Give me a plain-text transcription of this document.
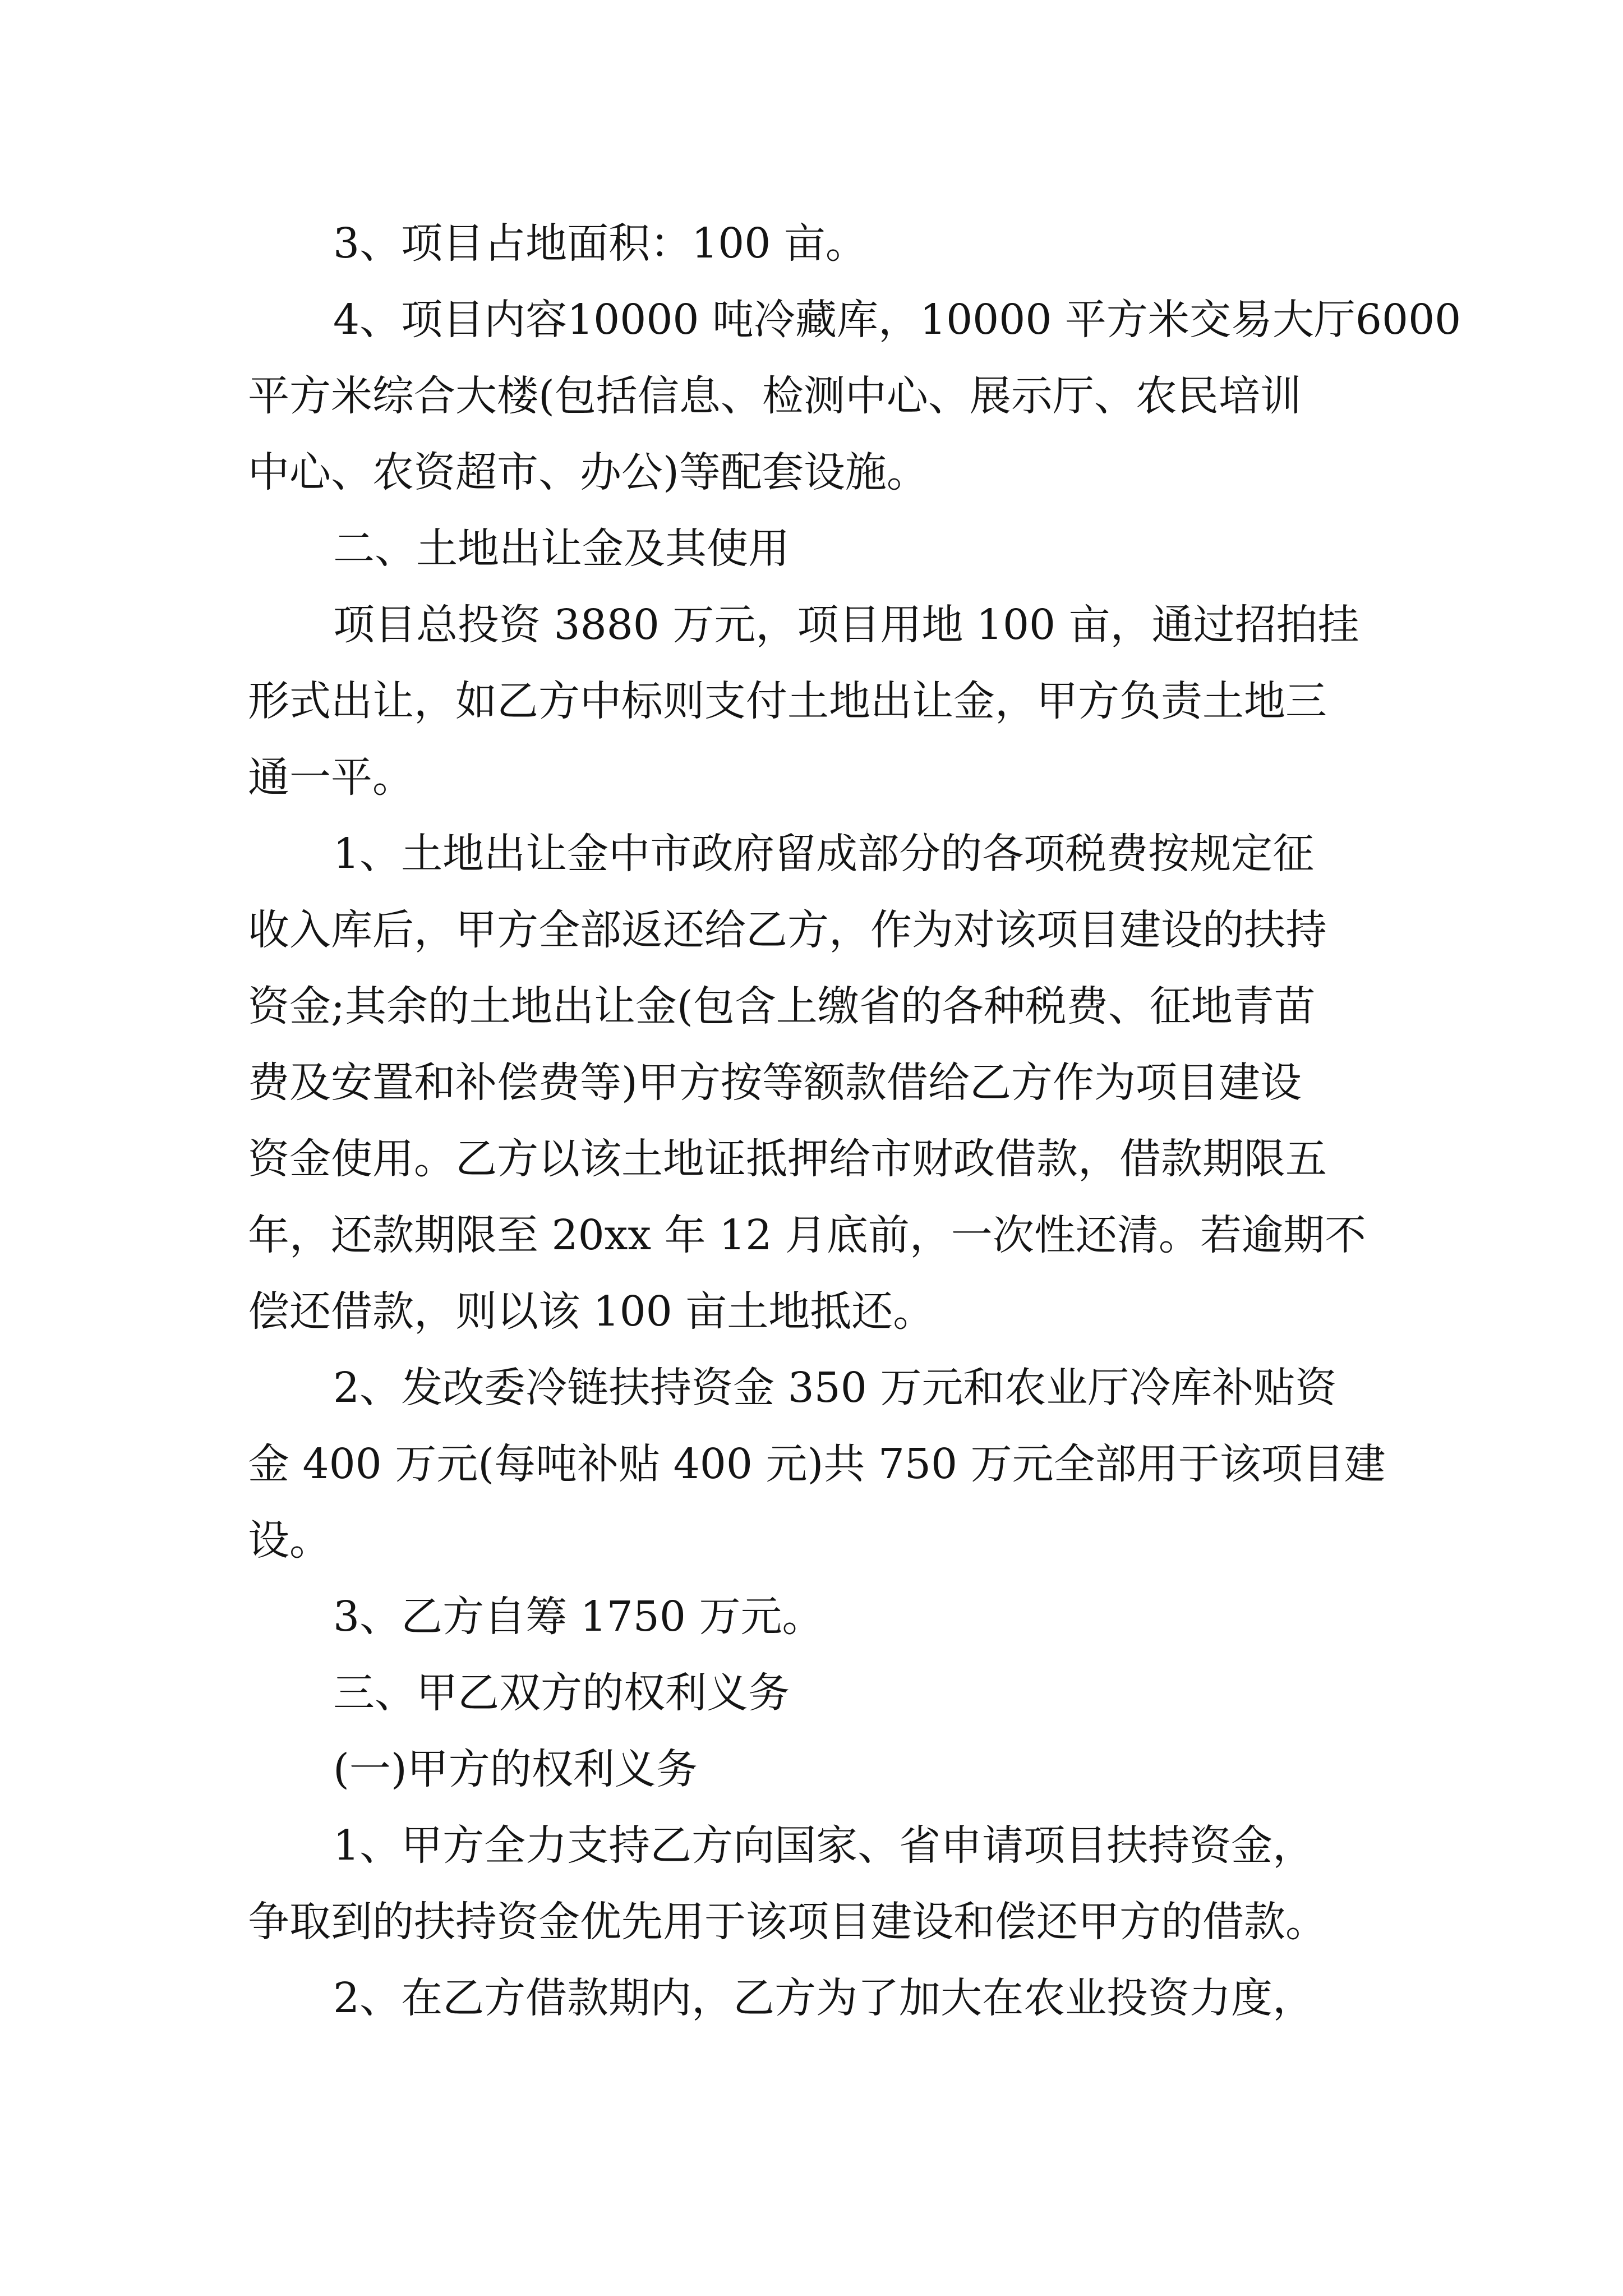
3、项目占地面积：100 亩。
4、项目内容10000 吨冷藏库，10000 平方米交易大厅6000
平方米综合大楼(包括信息、检测中心、展示厅、农民培训
中心、农资超市、办公)等配套设施。
二、土地出让金及其使用
项目总投资 3880 万元，项目用地 100 亩，通过招拍挂
形式出让，如乙方中标则支付土地出让金，甲方负责土地三
通一平。
1、土地出让金中市政府留成部分的各项税费按规定征
收入库后，甲方全部返还给乙方，作为对该项目建设的扶持
资金;其余的土地出让金(包含上缴省的各种税费、征地青苗
费及安置和补偿费等)甲方按等额款借给乙方作为项目建设
资金使用。乙方以该土地证抵押给市财政借款，借款期限五
年，还款期限至 20xx 年 12 月底前，一次性还清。若逾期不
偿还借款，则以该 100 亩土地抵还。
2、发改委冷链扶持资金 350 万元和农业厅冷库补贴资
金 400 万元(每吨补贴 400 元)共 750 万元全部用于该项目建
设。
3、乙方自筹 1750 万元。
三、甲乙双方的权利义务
(一)甲方的权利义务
1、甲方全力支持乙方向国家、省申请项目扶持资金，
争取到的扶持资金优先用于该项目建设和偿还甲方的借款。
2、在乙方借款期内，乙方为了加大在农业投资力度，
